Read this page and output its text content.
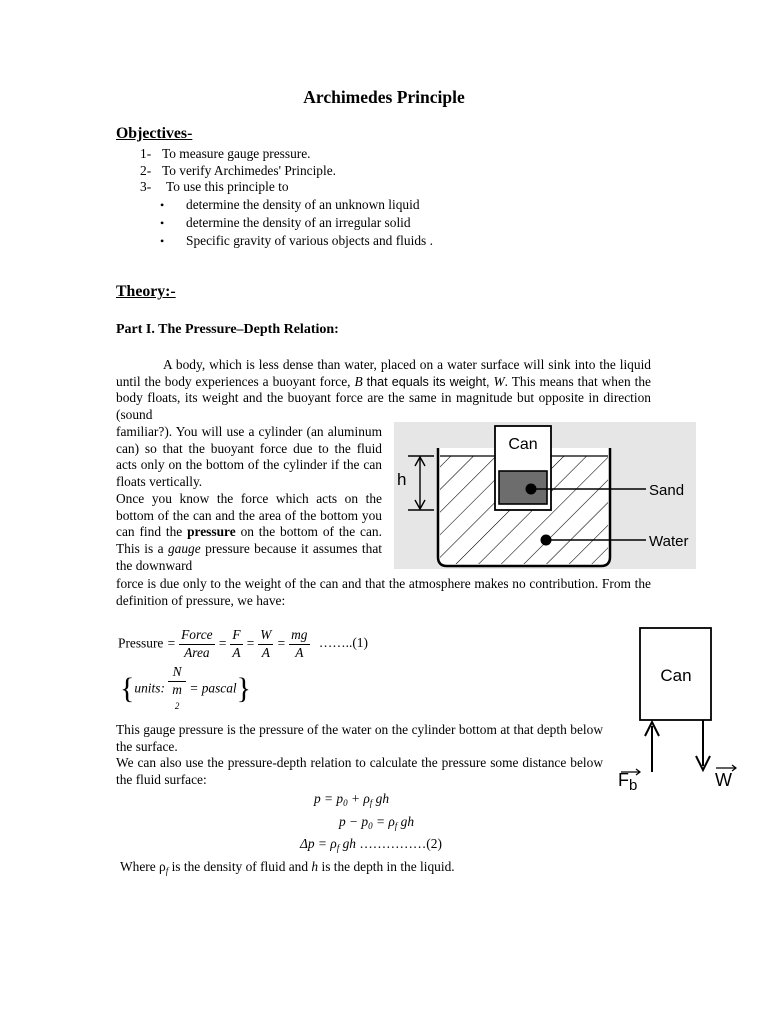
Archimedes Principle
Objectives-
1- To measure gauge pressure.
2- To verify Archimedes' Principle.
3- To use this principle to
• determine the density of an unknown liquid
• determine the density of an irregular solid
• Specific gravity of various objects and fluids .
Theory:-
Part I. The Pressure–Depth Relation:

A body, which is less dense than water, placed on a water surface will sink into the liquid until the body experiences a buoyant force, B that equals its weight, W. This means that when the body floats, its weight and the buoyant force are the same in magnitude but opposite in direction (sound

familiar?). You will use a cylinder (an aluminum can) so that the buoyant force due to the fluid acts only on the bottom of the cylinder if the can floats vertically.

Once you know the force which acts on the bottom of the can and the area of the bottom you can find the pressure on the bottom of the can. This is a gauge pressure because it assumes that the downward

force is due only to the weight of the can and that the atmosphere makes no contribution. From the definition of pressure, we have:
Can
Sand
Water
h
Pressure = $\frac{\text{Force}}{\text{Area}} = \frac{F}{A} = \frac{W}{A} = \frac{mg}{A}$ ……..(1)
{units: N
m
2 = pascal}	Can
$F_b$	W

This gauge pressure is the pressure of the water on the cylinder bottom at that depth below the surface.

We can also use the pressure-depth relation to calculate the pressure some distance below the fluid surface:

$p = p_0 + \rho_f$ gh
$p - p_0 = \rho_f$ gh
$\Delta p = \rho_f$ gh ……………(2)
Where $\rho_f$ is the density of fluid and h is the depth in the liquid.
